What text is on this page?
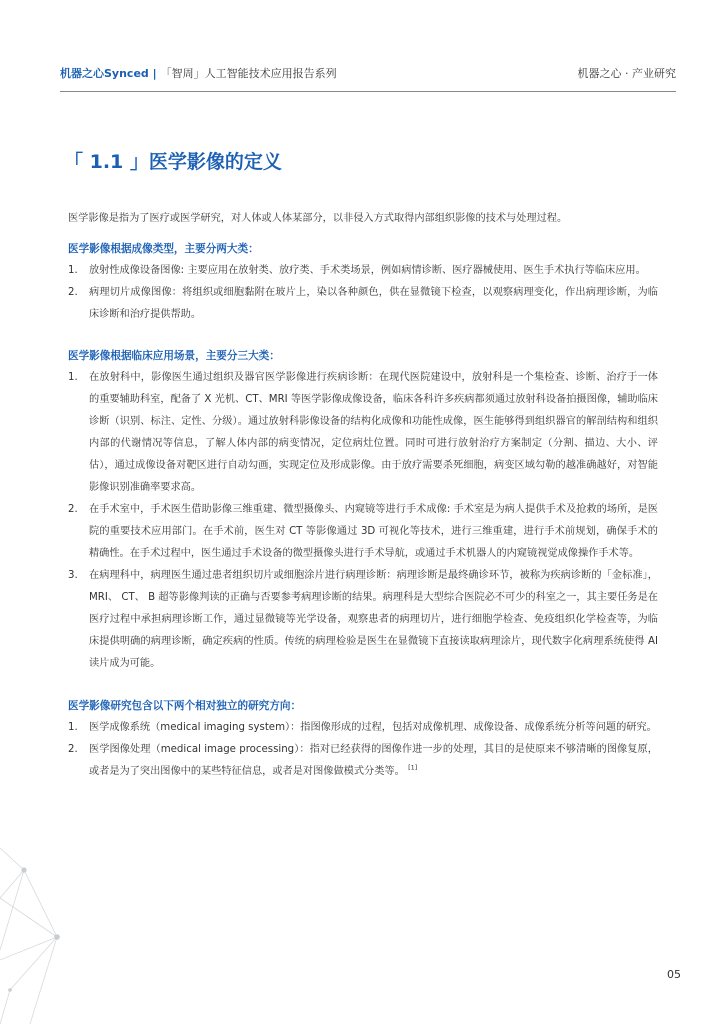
机器之心Synced | 「智周」人工智能技术应用报告系列	机器之心 · 产业研究
「 1.1 」医学影像的定义

医学影像是指为了医疗或医学研究，对人体或人体某部分，以非侵入方式取得内部组织影像的技术与处理过程。

医学影像根据成像类型，主要分两大类：

1. 放射性成像设备图像: 主要应用在放射类、放疗类、手术类场景，例如病情诊断、医疗器械使用、医生手术执行等临床应用。
2. 病理切片成像图像：将组织或细胞黏附在玻片上，染以各种颜色，供在显微镜下检查，以观察病理变化，作出病理诊断，为临床诊断和治疗提供帮助。

医学影像根据临床应用场景，主要分三大类：

1. 在放射科中，影像医生通过组织及器官医学影像进行疾病诊断：在现代医院建设中，放射科是一个集检查、诊断、治疗于一体的重要辅助科室，配备了 X 光机、CT、MRI 等医学影像成像设备，临床各科许多疾病都须通过放射科设备拍摄图像，辅助临床诊断（识别、标注、定性、分级）。通过放射科影像设备的结构化成像和功能性成像，医生能够得到组织器官的解剖结构和组织内部的代谢情况等信息，了解人体内部的病变情况，定位病灶位置。同时可进行放射治疗方案制定（分割、描边、大小、评估），通过成像设备对靶区进行自动勾画，实现定位及形成影像。由于放疗需要杀死细胞，病变区域勾勒的越准确越好，对智能影像识别准确率要求高。
2. 在手术室中，手术医生借助影像三维重建、微型摄像头、内窥镜等进行手术成像: 手术室是为病人提供手术及抢救的场所，是医院的重要技术应用部门。在手术前，医生对 CT 等影像通过 3D 可视化等技术，进行三维重建，进行手术前规划，确保手术的精确性。在手术过程中，医生通过手术设备的微型摄像头进行手术导航，或通过手术机器人的内窥镜视觉成像操作手术等。
3. 在病理科中，病理医生通过患者组织切片或细胞涂片进行病理诊断：病理诊断是最终确诊环节，被称为疾病诊断的「金标准」，MRI、 CT、 B 超等影像判读的正确与否要参考病理诊断的结果。病理科是大型综合医院必不可少的科室之一，其主要任务是在医疗过程中承担病理诊断工作，通过显微镜等光学设备，观察患者的病理切片，进行细胞学检查、免疫组织化学检查等，为临床提供明确的病理诊断，确定疾病的性质。传统的病理检验是医生在显微镜下直接读取病理涂片，现代数字化病理系统使得 AI 读片成为可能。

医学影像研究包含以下两个相对独立的研究方向：

1. 医学成像系统（medical imaging system）：指图像形成的过程，包括对成像机理、成像设备、成像系统分析等问题的研究。
2. 医学图像处理（medical image processing）：指对已经获得的图像作进一步的处理，其目的是使原来不够清晰的图像复原，或者是为了突出图像中的某些特征信息，或者是对图像做模式分类等。 [1]
05
